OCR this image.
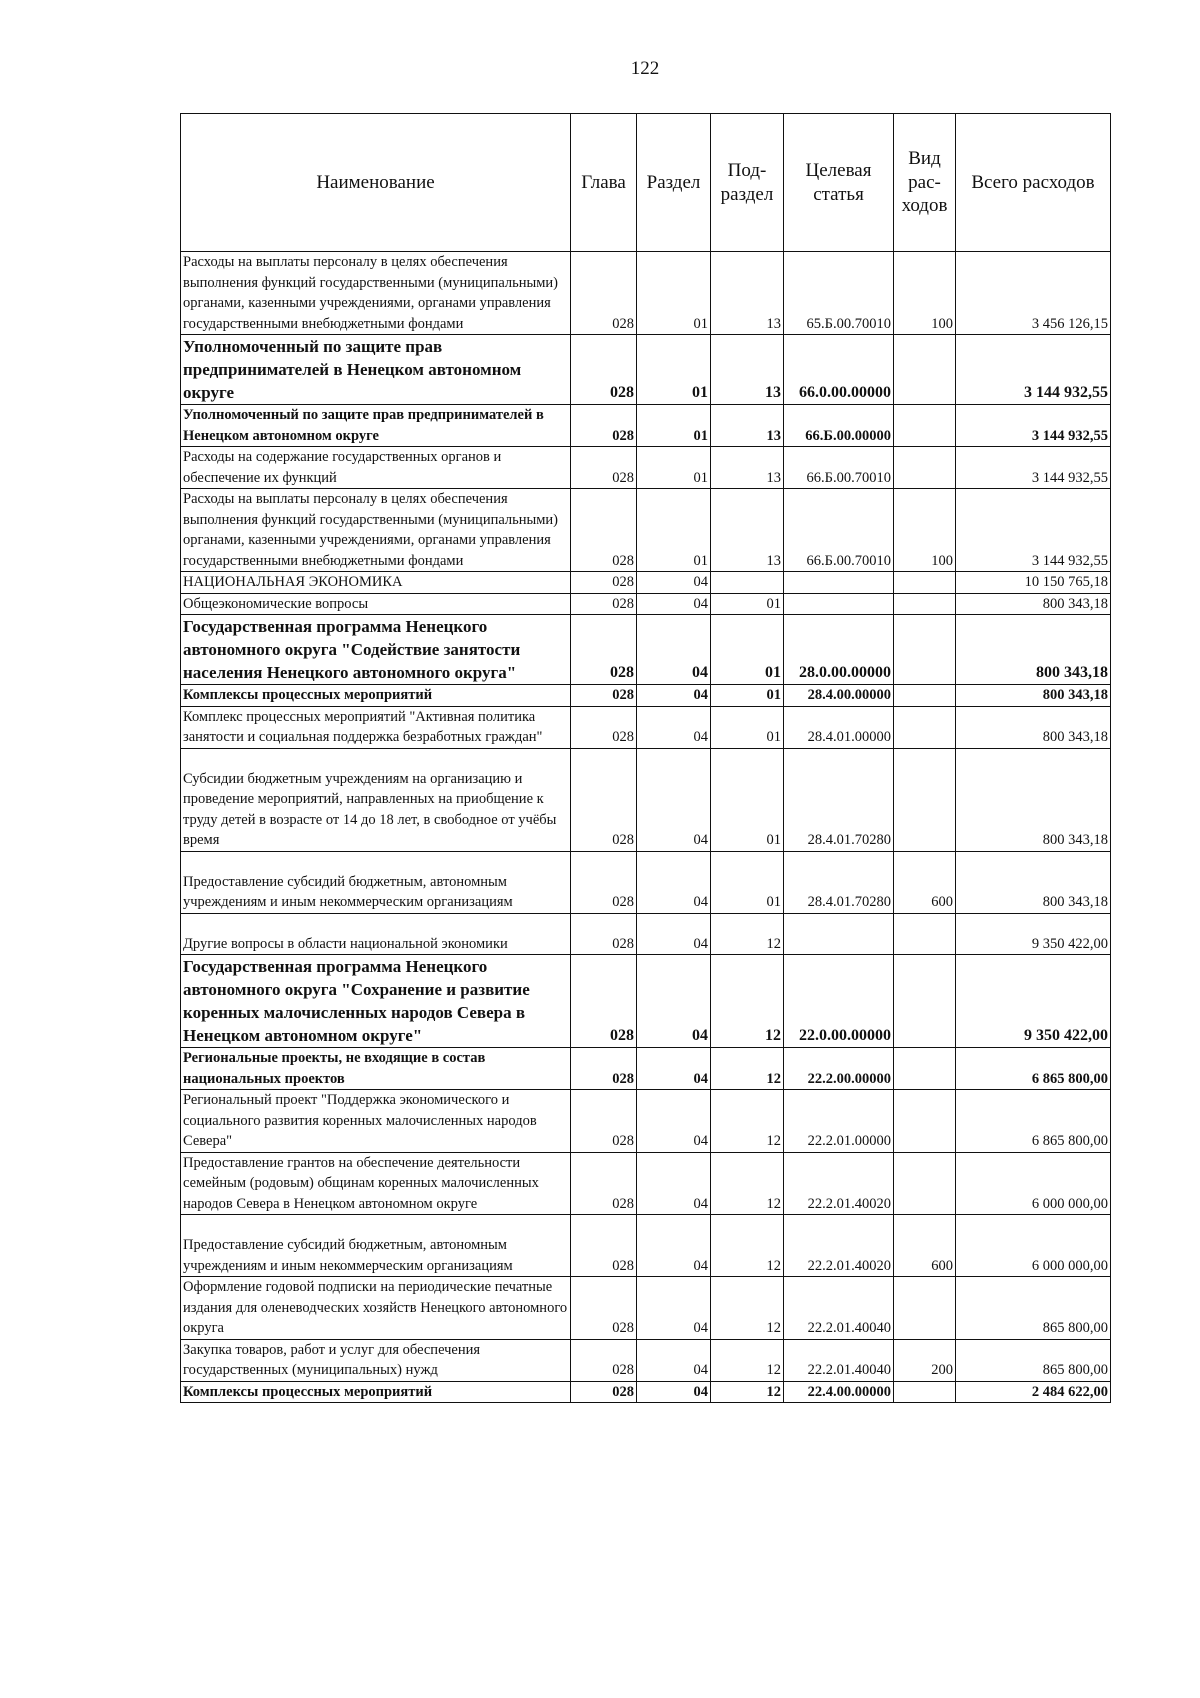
122
Наименование	Глава	Раздел	Под- раздел	Целевая статья	Вид рас- ходов	Всего расходов
Расходы на выплаты персоналу в целях обеспечения выполнения функций государственными (муниципальными) органами, казенными учреждениями, органами управления государственными внебюджетными фондами	028	01	13	65.Б.00.70010	100	3 456 126,15
Уполномоченный по защите прав предпринимателей в Ненецком автономном округе	028	01	13	66.0.00.00000		3 144 932,55
Уполномоченный по защите прав предпринимателей в Ненецком автономном округе	028	01	13	66.Б.00.00000		3 144 932,55
Расходы на содержание государственных органов и обеспечение их функций	028	01	13	66.Б.00.70010		3 144 932,55
Расходы на выплаты персоналу в целях обеспечения выполнения функций государственными (муниципальными) органами, казенными учреждениями, органами управления государственными внебюджетными фондами	028	01	13	66.Б.00.70010	100	3 144 932,55
НАЦИОНАЛЬНАЯ ЭКОНОМИКА	028	04				10 150 765,18
Общеэкономические вопросы	028	04	01			800 343,18
Государственная программа Ненецкого автономного округа "Содействие занятости населения Ненецкого автономного округа"	028	04	01	28.0.00.00000		800 343,18
Комплексы процессных мероприятий	028	04	01	28.4.00.00000		800 343,18
Комплекс процессных мероприятий "Активная политика занятости и социальная поддержка безработных граждан"	028	04	01	28.4.01.00000		800 343,18
Субсидии бюджетным учреждениям на организацию и проведение мероприятий, направленных на приобщение к труду детей в возрасте от 14 до 18 лет, в свободное от учёбы время	028	04	01	28.4.01.70280		800 343,18
Предоставление субсидий бюджетным, автономным учреждениям и иным некоммерческим организациям	028	04	01	28.4.01.70280	600	800 343,18
Другие вопросы в области национальной экономики	028	04	12			9 350 422,00
Государственная программа Ненецкого автономного округа "Сохранение и развитие коренных малочисленных народов Севера в Ненецком автономном округе"	028	04	12	22.0.00.00000		9 350 422,00
Региональные проекты, не входящие в состав национальных проектов	028	04	12	22.2.00.00000		6 865 800,00
Региональный проект "Поддержка экономического и социального развития коренных малочисленных народов Севера"	028	04	12	22.2.01.00000		6 865 800,00
Предоставление грантов на обеспечение деятельности семейным (родовым) общинам коренных малочисленных народов Севера в Ненецком автономном округе	028	04	12	22.2.01.40020		6 000 000,00
Предоставление субсидий бюджетным, автономным учреждениям и иным некоммерческим организациям	028	04	12	22.2.01.40020	600	6 000 000,00
Оформление годовой подписки на периодические печатные издания для оленеводческих хозяйств Ненецкого автономного округа	028	04	12	22.2.01.40040		865 800,00
Закупка товаров, работ и услуг для обеспечения государственных (муниципальных) нужд	028	04	12	22.2.01.40040	200	865 800,00
Комплексы процессных мероприятий	028	04	12	22.4.00.00000		2 484 622,00
